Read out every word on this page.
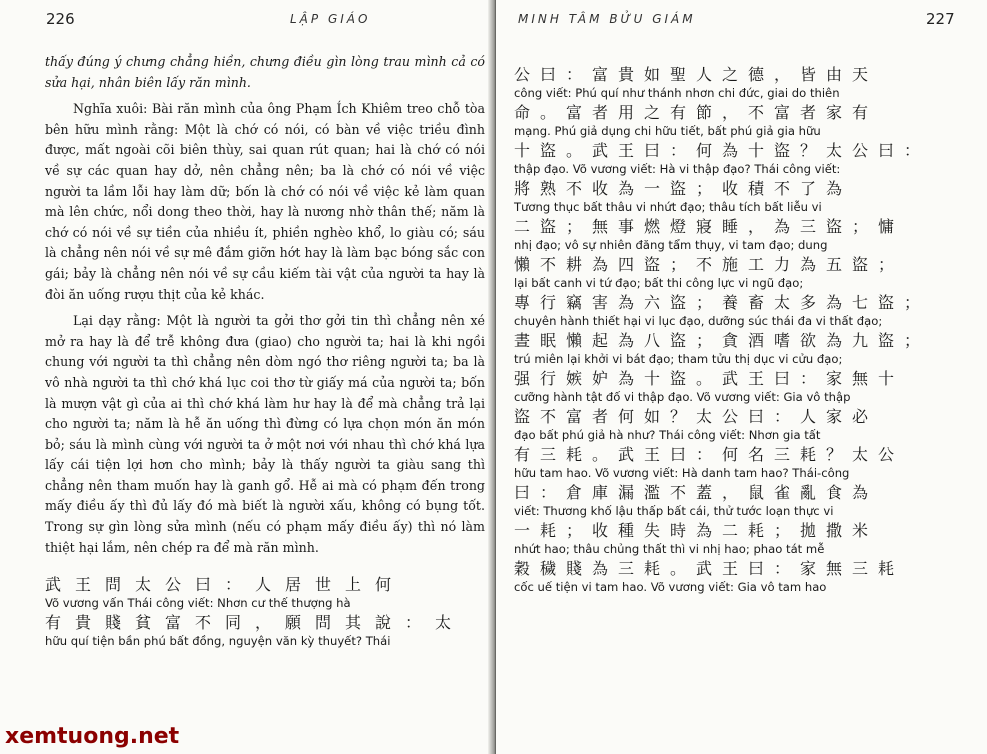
226	LẬP GIÁO

thấy đúng ý chưng chẳng hiền, chưng điều gìn lòng trau mình cả có sửa hại, nhân biên lấy răn mình.

Nghĩa xuôi: Bài răn mình của ông Phạm Ích Khiêm treo chỗ tòa bên hữu mình rằng: Một là chớ có nói, có bàn về việc triều đình được, mất ngoài cõi biên thùy, sai quan rút quan; hai là chớ có nói về sự các quan hay dở, nên chẳng nên; ba là chớ có nói về việc người ta lầm lỗi hay làm dữ; bốn là chớ có nói về việc kẻ làm quan mà lên chức, nổi dong theo thời, hay là nương nhờ thân thế; năm là chớ có nói về sự tiền của nhiều ít, phiền nghèo khổ, lo giàu có; sáu là chẳng nên nói về sự mê đắm giỡn hớt hay là làm bạc bóng sắc con gái; bảy là chẳng nên nói về sự cầu kiếm tài vật của người ta hay là đòi ăn uống rượu thịt của kẻ khác.

Lại dạy rằng: Một là người ta gởi thơ gởi tin thì chẳng nên xé mở ra hay là để trễ không đưa (giao) cho người ta; hai là khi ngồi chung với người ta thì chẳng nên dòm ngó thơ riêng người ta; ba là vô nhà người ta thì chớ khá lục coi thơ từ giấy má của người ta; bốn là mượn vật gì của ai thì chớ khá làm hư hay là để mà chẳng trả lại cho người ta; năm là hễ ăn uống thì đừng có lựa chọn món ăn món bỏ; sáu là mình cùng với người ta ở một nơi với nhau thì chớ khá lựa lấy cái tiện lợi hơn cho mình; bảy là thấy người ta giàu sang thì chẳng nên tham muốn hay là ganh gổ. Hễ ai mà có phạm đến trong mấy điều ấy thì đủ lấy đó mà biết là người xấu, không có bụng tốt. Trong sự gìn lòng sửa mình (nếu có phạm mấy điều ấy) thì nó làm thiệt hại lắm, nên chép ra để mà răn mình.

武王問太公曰：人居世上何
Võ vương vấn Thái công viết: Nhơn cư thế thượng hà
有貴賤貧富不同，願問其說：太
hữu quí tiện bần phú bất đồng, nguyện văn kỳ thuyết? Thái
xemtuong.net
MINH TÂM BỬU GIÁM	227
公曰：富貴如聖人之德，皆由天
công viết: Phú quí như thánh nhơn chi đức, giai do thiên
命。富者用之有節，不富者家有
mạng. Phú giả dụng chi hữu tiết, bất phú giả gia hữu
十盜。武王曰：何為十盜？太公曰：
thập đạo. Võ vương viết: Hà vi thập đạo? Thái công viết:
將熟不收為一盜；收積不了為
Tương thục bất thâu vi nhứt đạo; thâu tích bất liễu vi
二盜；無事燃燈寢睡，為三盜；慵
nhị đạo; vô sự nhiên đăng tẩm thụy, vi tam đạo; dung
懶不耕為四盜；不施工力為五盜；
lại bất canh vi tứ đạo; bất thi công lực vi ngũ đạo;
專行竊害為六盜；養畜太多為七盜；
chuyên hành thiết hại vi lục đạo, dưỡng súc thái đa vi thất đạo;
晝眠懶起為八盜；貪酒嗜欲為九盜；
trú miên lại khởi vi bát đạo; tham tửu thị dục vi cửu đạo;
强行嫉妒為十盜。武王曰：家無十
cưỡng hành tật đố vi thập đạo. Võ vương viết: Gia vô thập
盜不富者何如？太公曰：人家必
đạo bất phú giả hà như? Thái công viết: Nhơn gia tất
有三耗。武王曰：何名三耗？太公
hữu tam hao. Võ vương viết: Hà danh tam hao? Thái-công
曰：倉庫漏濫不蓋，鼠雀亂食為
viết: Thương khố lậu thấp bất cái, thử tước loạn thực vi
一耗；收種失時為二耗；拋撒米
nhứt hao; thâu chủng thất thì vi nhị hao; phao tát mễ
穀穢賤為三耗。武王曰：家無三耗
cốc uế tiện vi tam hao. Võ vương viết: Gia vô tam hao
